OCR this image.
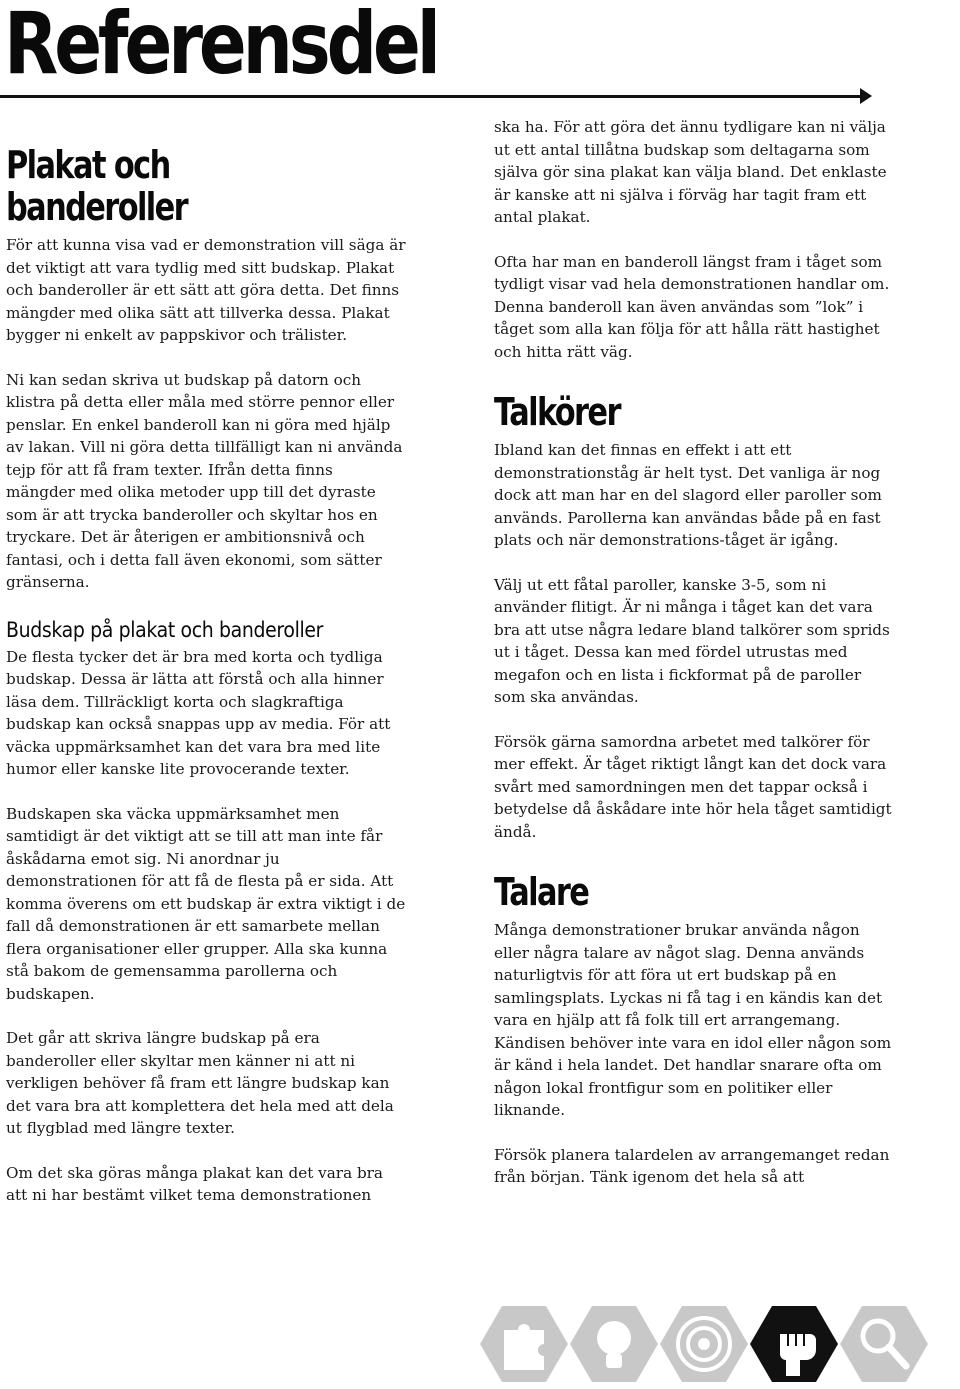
Referensdel
Plakat och banderoller

För att kunna visa vad er demonstration vill säga är det viktigt att vara tydlig med sitt budskap. Plakat och banderoller är ett sätt att göra detta. Det finns mängder med olika sätt att tillverka dessa. Plakat bygger ni enkelt av pappskivor och trälister.

Ni kan sedan skriva ut budskap på datorn och klistra på detta eller måla med större pennor eller penslar. En enkel banderoll kan ni göra med hjälp av lakan. Vill ni göra detta tillfälligt kan ni använda tejp för att få fram texter. Ifrån detta finns mängder med olika metoder upp till det dyraste som är att trycka banderoller och skyltar hos en tryckare. Det är återigen er ambitionsnivå och fantasi, och i detta fall även ekonomi, som sätter gränserna.

Budskap på plakat och banderoller

De flesta tycker det är bra med korta och tydliga budskap. Dessa är lätta att förstå och alla hinner läsa dem. Tillräckligt korta och slagkraftiga budskap kan också snappas upp av media. För att väcka uppmärksamhet kan det vara bra med lite humor eller kanske lite provocerande texter.

Budskapen ska väcka uppmärksamhet men samtidigt är det viktigt att se till att man inte får åskådarna emot sig. Ni anordnar ju demonstrationen för att få de flesta på er sida. Att komma överens om ett budskap är extra viktigt i de fall då demonstrationen är ett samarbete mellan flera organisationer eller grupper. Alla ska kunna stå bakom de gemensamma parollerna och budskapen.

Det går att skriva längre budskap på era banderoller eller skyltar men känner ni att ni verkligen behöver få fram ett längre budskap kan det vara bra att komplettera det hela med att dela ut flygblad med längre texter.

Om det ska göras många plakat kan det vara bra att ni har bestämt vilket tema demonstrationen

ska ha. För att göra det ännu tydligare kan ni välja ut ett antal tillåtna budskap som deltagarna som själva gör sina plakat kan välja bland. Det enklaste är kanske att ni själva i förväg har tagit fram ett antal plakat.

Ofta har man en banderoll längst fram i tåget som tydligt visar vad hela demonstrationen handlar om. Denna banderoll kan även användas som ”lok” i tåget som alla kan följa för att hålla rätt hastighet och hitta rätt väg.

Talkörer

Ibland kan det finnas en effekt i att ett demonstrationståg är helt tyst. Det vanliga är nog dock att man har en del slagord eller paroller som används. Parollerna kan användas både på en fast plats och när demonstrations-tåget är igång.

Välj ut ett fåtal paroller, kanske 3-5, som ni använder flitigt. Är ni många i tåget kan det vara bra att utse några ledare bland talkörer som sprids ut i tåget. Dessa kan med fördel utrustas med megafon och en lista i fickformat på de paroller som ska användas.

Försök gärna samordna arbetet med talkörer för mer effekt. Är tåget riktigt långt kan det dock vara svårt med samordningen men det tappar också i betydelse då åskådare inte hör hela tåget samtidigt ändå.

Talare

Många demonstrationer brukar använda någon eller några talare av något slag. Denna används naturligtvis för att föra ut ert budskap på en samlingsplats. Lyckas ni få tag i en kändis kan det vara en hjälp att få folk till ert arrangemang. Kändisen behöver inte vara en idol eller någon som är känd i hela landet. Det handlar snarare ofta om någon lokal frontfigur som en politiker eller liknande.

Försök planera talardelen av arrangemanget redan från början. Tänk igenom det hela så att
